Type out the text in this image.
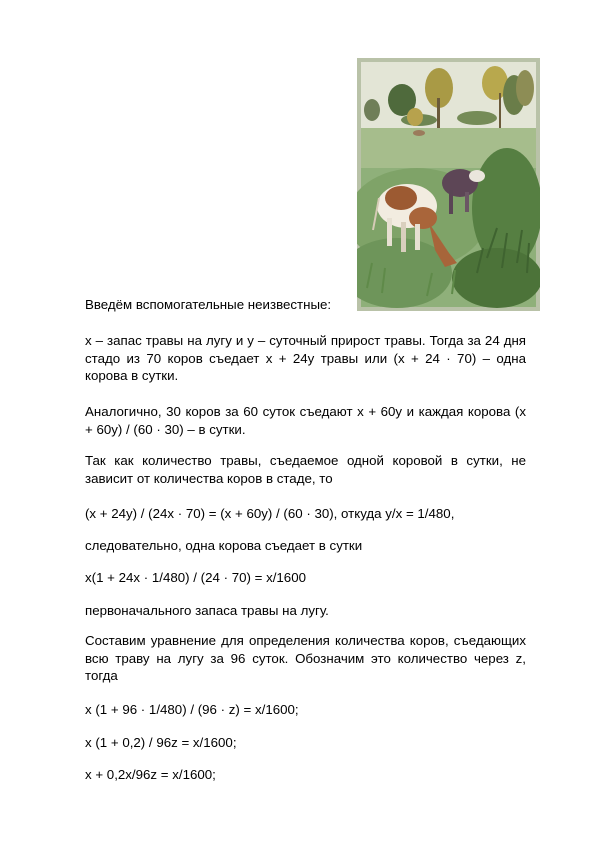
Введём вспомогательные неизвестные:

x – запас травы на лугу и y – суточный прирост травы. Тогда за 24 дня стадо из 70 коров съедает x + 24y травы или (x + 24 · 70) – одна корова в сутки.

Аналогично, 30 коров за 60 суток съедают x + 60y и каждая корова (x + 60y) / (60 · 30) – в сутки.

Так как количество травы, съедаемое одной коровой в сутки, не зависит от количества коров в стаде, то

(x + 24y) / (24x · 70) = (x + 60y) / (60 · 30), откуда y/x = 1/480,

следовательно, одна корова съедает в сутки

x(1 + 24x · 1/480) / (24 · 70) = x/1600

первоначального запаса травы на лугу.

Составим уравнение для определения количества коров, съедающих всю траву на лугу за 96 суток. Обозначим это количество через z, тогда

x (1 + 96 · 1/480) / (96 · z) = x/1600;

x (1 + 0,2) / 96z = x/1600;

x + 0,2x/96z = x/1600;
